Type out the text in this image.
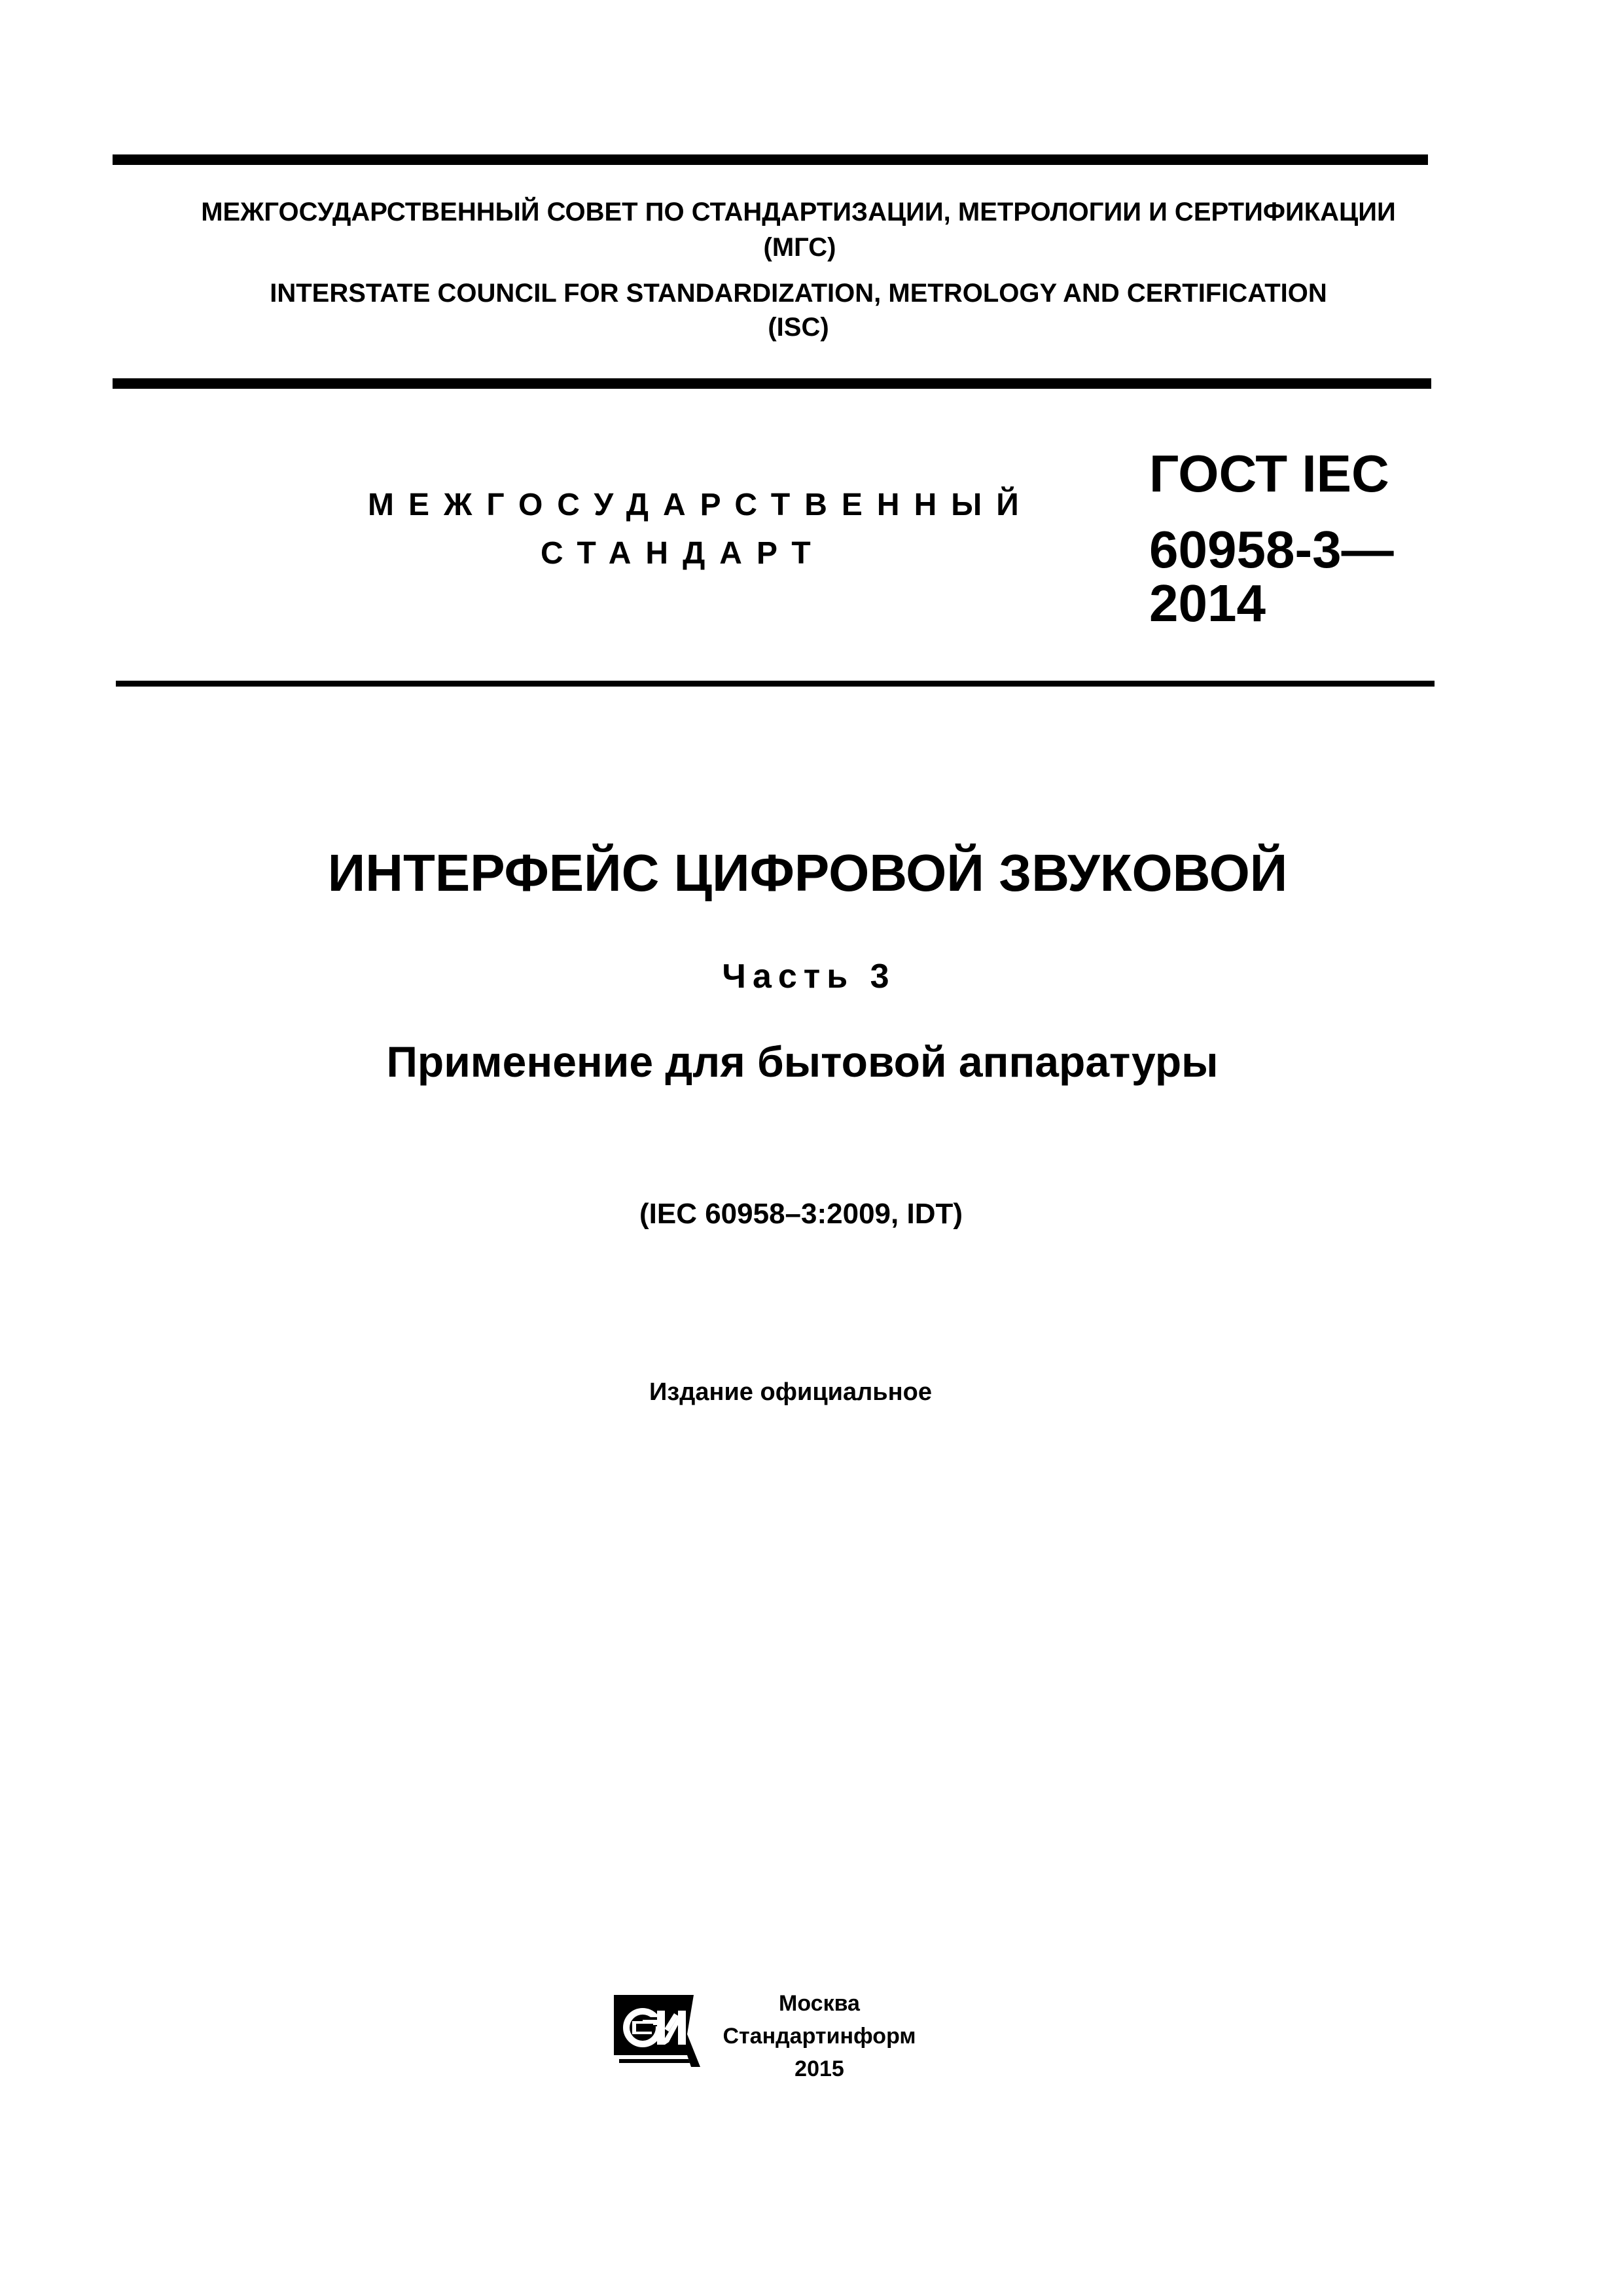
МЕЖГОСУДАРСТВЕННЫЙ СОВЕТ ПО СТАНДАРТИЗАЦИИ, МЕТРОЛОГИИ И СЕРТИФИКАЦИИ
(МГС)
INTERSTATE COUNCIL FOR STANDARDIZATION, METROLOGY AND CERTIFICATION
(ISC)
МЕЖГОСУДАРСТВЕННЫЙ
СТАНДАРТ
ГОСТ IEC
60958-3—
2014
ИНТЕРФЕЙС ЦИФРОВОЙ ЗВУКОВОЙ
Часть 3
Применение для бытовой аппаратуры
(IEC 60958–3:2009, IDT)
Издание официальное
Москва
Стандартинформ
2015
